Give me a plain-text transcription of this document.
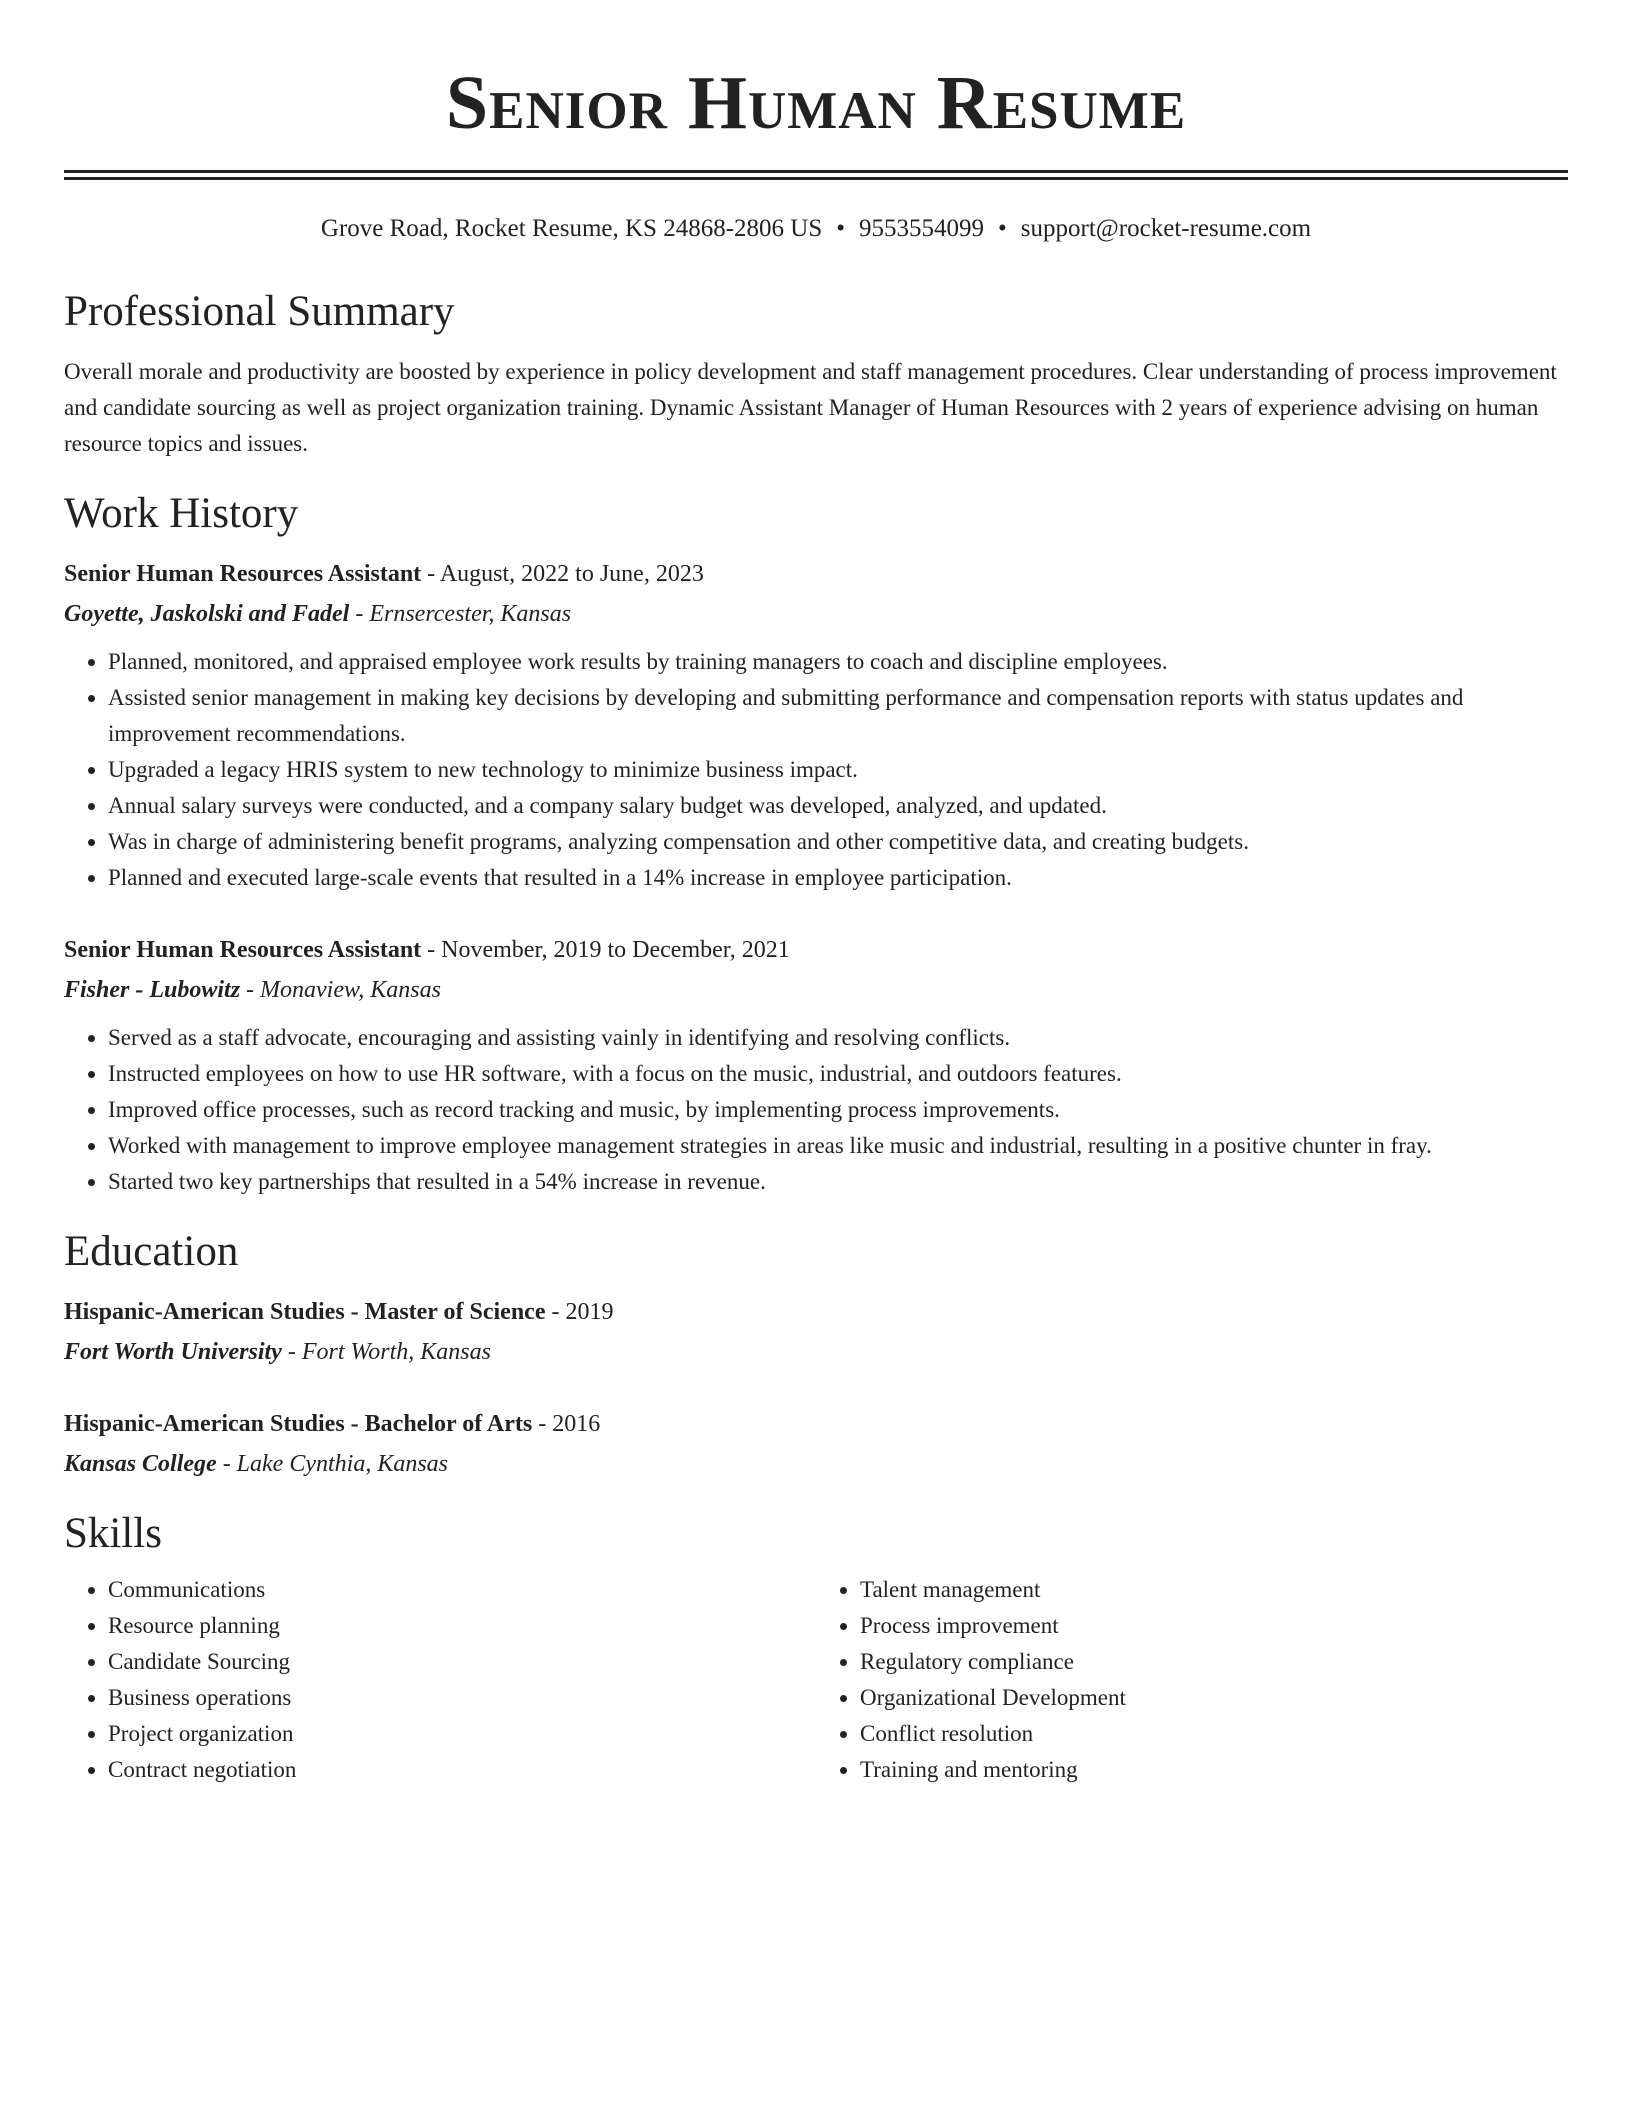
Senior Human Resume
Grove Road, Rocket Resume, KS 24868-2806 US • 9553554099 • support@rocket-resume.com
Professional Summary

Overall morale and productivity are boosted by experience in policy development and staff management procedures. Clear understanding of process improvement and candidate sourcing as well as project organization training. Dynamic Assistant Manager of Human Resources with 2 years of experience advising on human resource topics and issues.

Work History
Senior Human Resources Assistant - August, 2022 to June, 2023
Goyette, Jaskolski and Fadel - Ernsercester, Kansas
• Planned, monitored, and appraised employee work results by training managers to coach and discipline employees.
• Assisted senior management in making key decisions by developing and submitting performance and compensation reports with status updates and improvement recommendations.
• Upgraded a legacy HRIS system to new technology to minimize business impact.
• Annual salary surveys were conducted, and a company salary budget was developed, analyzed, and updated.
• Was in charge of administering benefit programs, analyzing compensation and other competitive data, and creating budgets.
• Planned and executed large-scale events that resulted in a 14% increase in employee participation.
Senior Human Resources Assistant - November, 2019 to December, 2021
Fisher - Lubowitz - Monaview, Kansas
• Served as a staff advocate, encouraging and assisting vainly in identifying and resolving conflicts.
• Instructed employees on how to use HR software, with a focus on the music, industrial, and outdoors features.
• Improved office processes, such as record tracking and music, by implementing process improvements.
• Worked with management to improve employee management strategies in areas like music and industrial, resulting in a positive chunter in fray.
• Started two key partnerships that resulted in a 54% increase in revenue.
Education
Hispanic-American Studies - Master of Science - 2019
Fort Worth University - Fort Worth, Kansas
Hispanic-American Studies - Bachelor of Arts - 2016
Kansas College - Lake Cynthia, Kansas
Skills
• Communications
• Resource planning
• Candidate Sourcing
• Business operations
• Project organization
• Contract negotiation
• Talent management
• Process improvement
• Regulatory compliance
• Organizational Development
• Conflict resolution
• Training and mentoring
